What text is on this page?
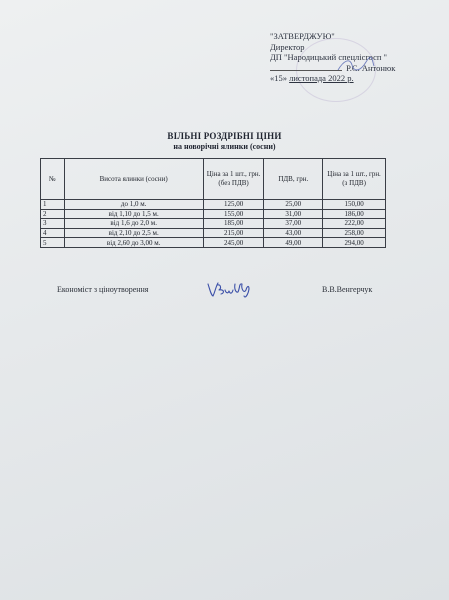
"ЗАТВЕРДЖУЮ"
Директор
ДП "Народицький спецлісгосп "
Р.С. Антонюк
«15» листопада 2022 р.
ВІЛЬНІ РОЗДРІБНІ ЦІНИ
на новорічні ялинки (сосни)
№	Висота ялинки (сосни)	Ціна за 1 шт., грн. (без ПДВ)	ПДВ, грн.	Ціна за 1 шт., грн. (з ПДВ)
1	до 1,0 м.	125,00	25,00	150,00
2	від 1,10 до 1,5 м.	155,00	31,00	186,00
3	від 1,6 до 2,0 м.	185,00	37,00	222,00
4	від 2,10 до 2,5 м.	215,00	43,00	258,00
5	від 2,60 до 3,00 м.	245,00	49,00	294,00
Економіст з ціноутворення	В.В.Венгерчук
